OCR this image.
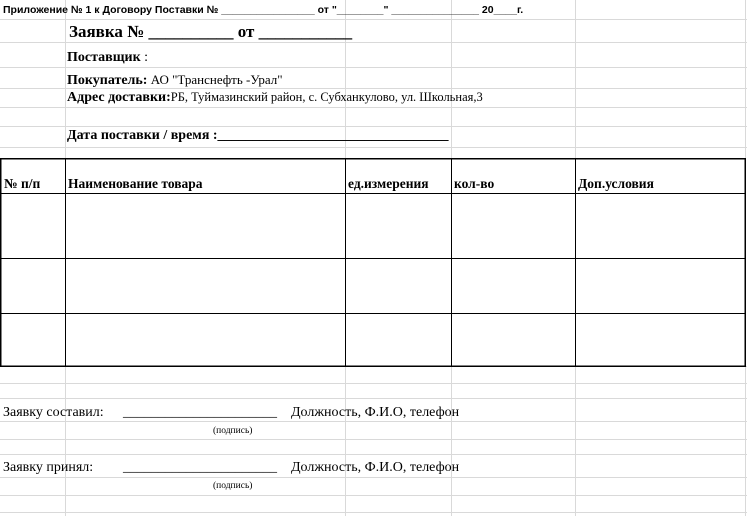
Приложение № 1 к Договору Поставки № ________________ от "________" _______________ 20____г.
Заявка № __________ от ___________
Поставщик :
Покупатель: АО "Транснефть -Урал"
Адрес доставки:РБ, Туймазинский район, с. Субханкулово, ул. Школьная,3
Дата поставки / время :_________________________________
№ п/п Наименование товара	ед.измерения кол-во	Доп.условия
Заявку составил: ______________________ Должность, Ф.И.О, телефон
(подпись)
Заявку принял: ______________________ Должность, Ф.И.О, телефон
(подпись)
